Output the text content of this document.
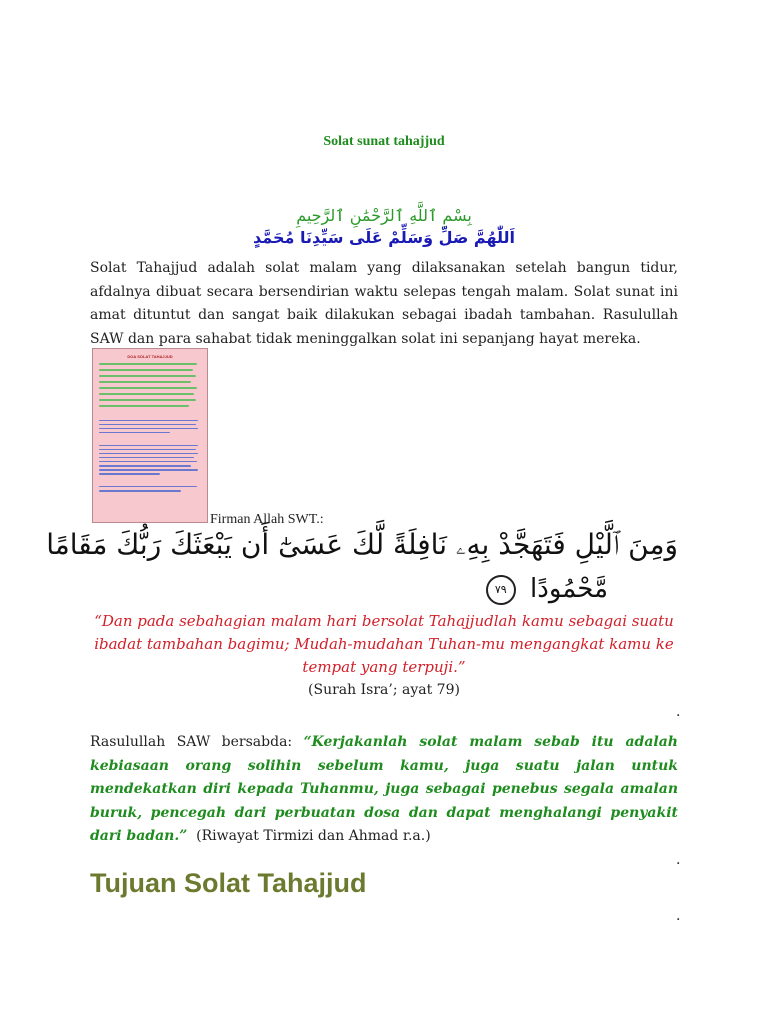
Solat sunat tahajjud
بِسْمِ ٱللَّهِ ٱلرَّحْمَٰنِ ٱلرَّحِيمِ
اَللّٰهُمَّ صَلِّ وَسَلِّمْ عَلَى سَيِّدِنَا مُحَمَّدٍ
Solat Tahajjud adalah solat malam yang dilaksanakan setelah bangun tidur, afdalnya dibuat secara bersendirian waktu selepas tengah malam. Solat sunat ini amat dituntut dan sangat baik dilakukan sebagai ibadah tambahan. Rasulullah SAW dan para sahabat tidak meninggalkan solat ini sepanjang hayat mereka.
DOA SOLAT TAHAJJUD
Firman Allah SWT.:
وَمِنَ ٱلَّيْلِ فَتَهَجَّدْ بِهِۦ نَافِلَةً لَّكَ عَسَىٰٓ أَن يَبْعَثَكَ رَبُّكَ مَقَامًا
مَّحْمُودًا ٧٩
“Dan pada sebahagian malam hari bersolat Tahajjudlah kamu sebagai suatu ibadat tambahan bagimu; Mudah-mudahan Tuhan-mu mengangkat kamu ke tempat yang terpuji.”
(Surah Isra’; ayat 79)
.
Rasulullah SAW bersabda: “Kerjakanlah solat malam sebab itu adalah kebiasaan orang solihin sebelum kamu, juga suatu jalan untuk mendekatkan diri kepada Tuhanmu, juga sebagai penebus segala amalan buruk, pencegah dari perbuatan dosa dan dapat menghalangi penyakit dari badan.” (Riwayat Tirmizi dan Ahmad r.a.)
.
Tujuan Solat Tahajjud
.
